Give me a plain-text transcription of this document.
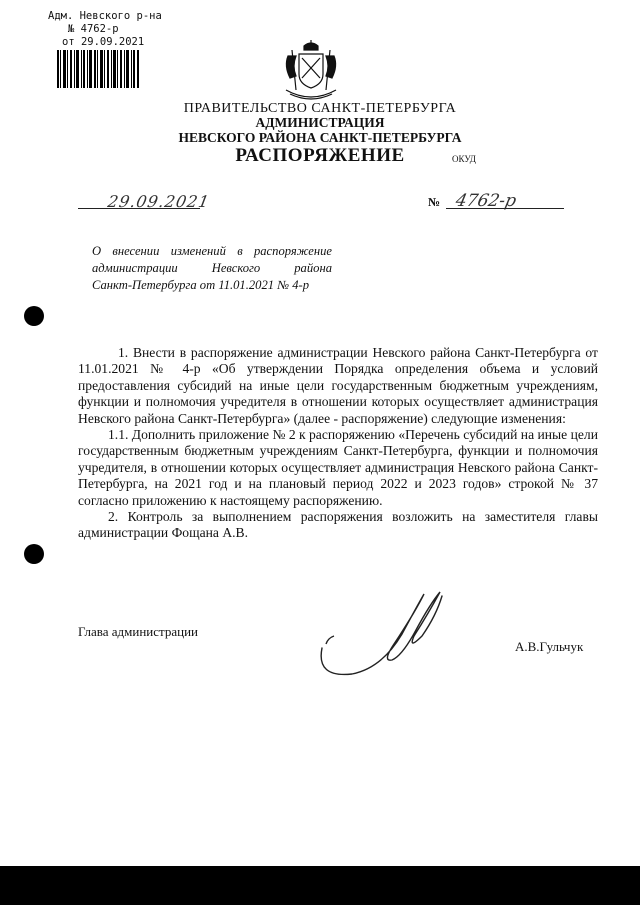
Адм. Невского р-на
№ 4762-р
от 29.09.2021
ПРАВИТЕЛЬСТВО САНКТ-ПЕТЕРБУРГА
АДМИНИСТРАЦИЯ
НЕВСКОГО РАЙОНА САНКТ-ПЕТЕРБУРГА
РАСПОРЯЖЕНИЕ	ОКУД
29.09.2021	№ 4762-р
О внесении изменений в распоряжение
администрации Невского района
Санкт-Петербурга от 11.01.2021 № 4-р

1. Внести в распоряжение администрации Невского района Санкт-Петербурга от 11.01.2021 № 4-р «Об утверждении Порядка определения объема и условий предоставления субсидий на иные цели государственным бюджетным учреждениям, функции и полномочия учредителя в отношении которых осуществляет администрация Невского района Санкт-Петербурга» (далее - распоряжение) следующие изменения:

1.1. Дополнить приложение № 2 к распоряжению «Перечень субсидий на иные цели государственным бюджетным учреждениям Санкт-Петербурга, функции и полномочия учредителя, в отношении которых осуществляет администрация Невского района Санкт-Петербурга, на 2021 год и на плановый период 2022 и 2023 годов» строкой № 37 согласно приложению к настоящему распоряжению.

2. Контроль за выполнением распоряжения возложить на заместителя главы администрации Фощана А.В.

Глава администрации
А.В.Гульчук
